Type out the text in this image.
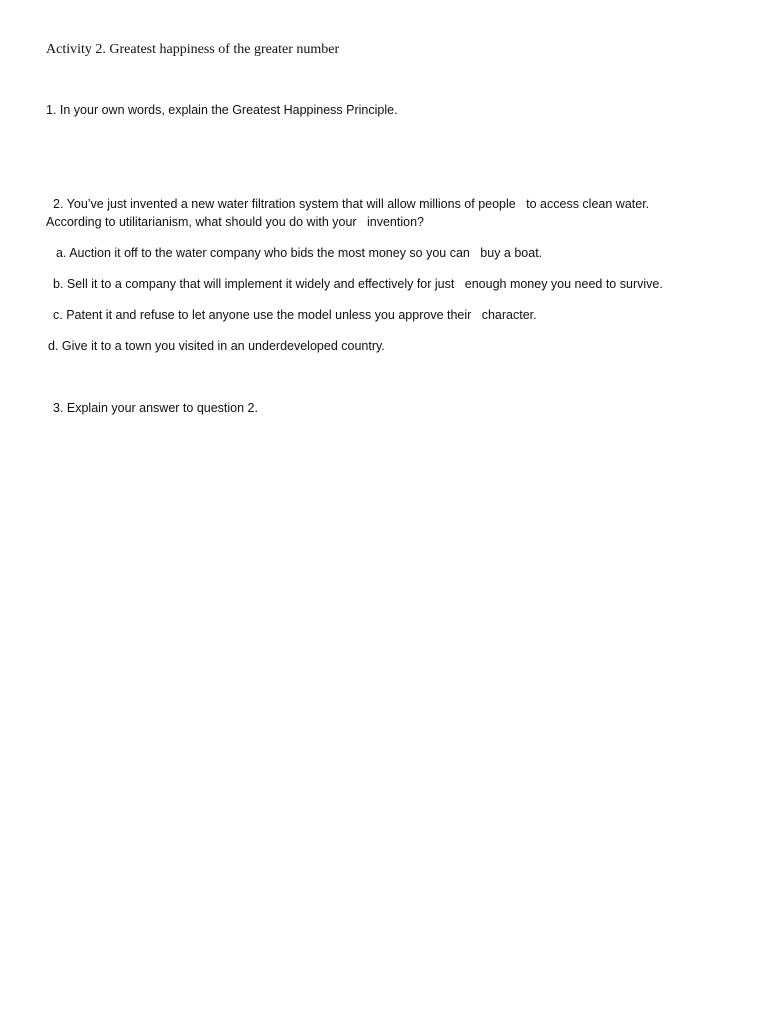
Activity 2. Greatest happiness of the greater number
1. In your own words, explain the Greatest Happiness Principle.
2. You’ve just invented a new water filtration system that will allow millions of people   to access clean water.
According to utilitarianism, what should you do with your   invention?
a. Auction it off to the water company who bids the most money so you can   buy a boat.
b. Sell it to a company that will implement it widely and effectively for just   enough money you need to survive.
c. Patent it and refuse to let anyone use the model unless you approve their   character.
d. Give it to a town you visited in an underdeveloped country.
3. Explain your answer to question 2.
